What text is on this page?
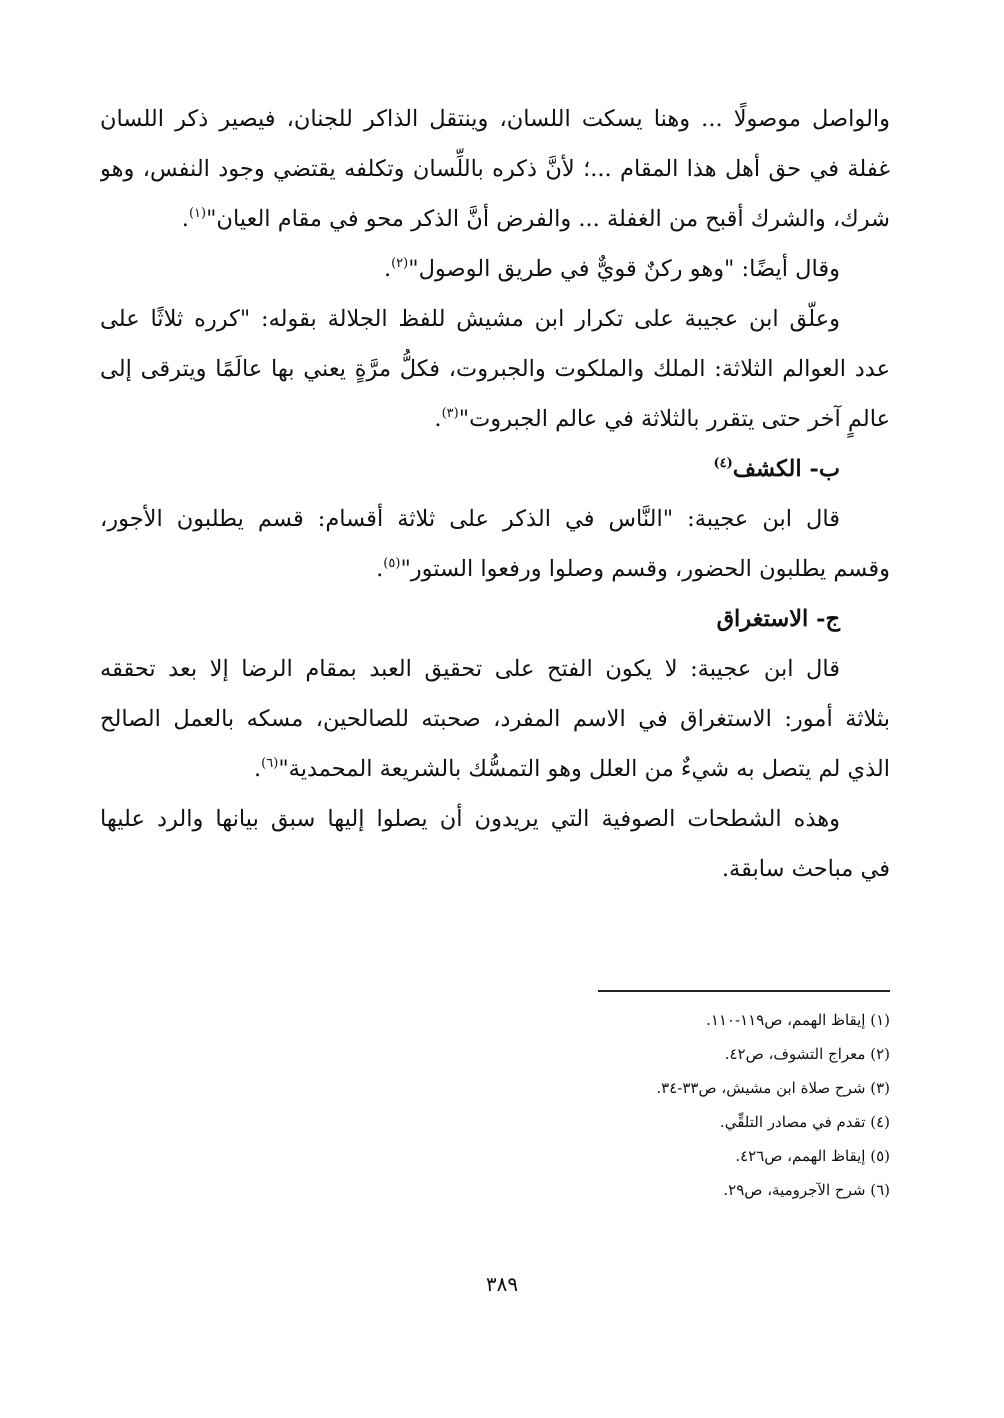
والواصل موصولًا ... وهنا يسكت اللسان، وينتقل الذاكر للجنان، فيصير ذكر اللسان
غفلة في حق أهل هذا المقام ...؛ لأنَّ ذكره باللِّسان وتكلفه يقتضي وجود النفس، وهو
شرك، والشرك أقبح من الغفلة ... والفرض أنَّ الذكر محو في مقام العيان"$^{(١)}$.
وقال أيضًا: "وهو ركنٌ قويٌّ في طريق الوصول"$^{(٢)}$.
وعلّق ابن عجيبة على تكرار ابن مشيش للفظ الجلالة بقوله: "كرره ثلاثًا على
عدد العوالم الثلاثة: الملك والملكوت والجبروت، فكلُّ مرَّةٍ يعني بها عالَمًا ويترقى إلى
عالمٍ آخر حتى يتقرر بالثلاثة في عالم الجبروت"$^{(٣)}$.
ب- الكشف$^{(٤)}$
قال ابن عجيبة: "النَّاس في الذكر على ثلاثة أقسام: قسم يطلبون الأجور،
وقسم يطلبون الحضور، وقسم وصلوا ورفعوا الستور"$^{(٥)}$.
ج- الاستغراق
قال ابن عجيبة: لا يكون الفتح على تحقيق العبد بمقام الرضا إلا بعد تحققه
بثلاثة أمور: الاستغراق في الاسم المفرد، صحبته للصالحين، مسكه بالعمل الصالح
الذي لم يتصل به شيءٌ من العلل وهو التمسُّك بالشريعة المحمدية"$^{(٦)}$.
وهذه الشطحات الصوفية التي يريدون أن يصلوا إليها سبق بيانها والرد عليها
في مباحث سابقة.
(١) إيقاظ الهمم، ص١١٩-١١٠.
(٢) معراج التشوف، ص٤٢.
(٣) شرح صلاة ابن مشيش، ص٣٣-٣٤.
(٤) تقدم في مصادر التلقِّي.
(٥) إيقاظ الهمم، ص٤٢٦.
(٦) شرح الآجرومية، ص٢٩.
٣٨٩
